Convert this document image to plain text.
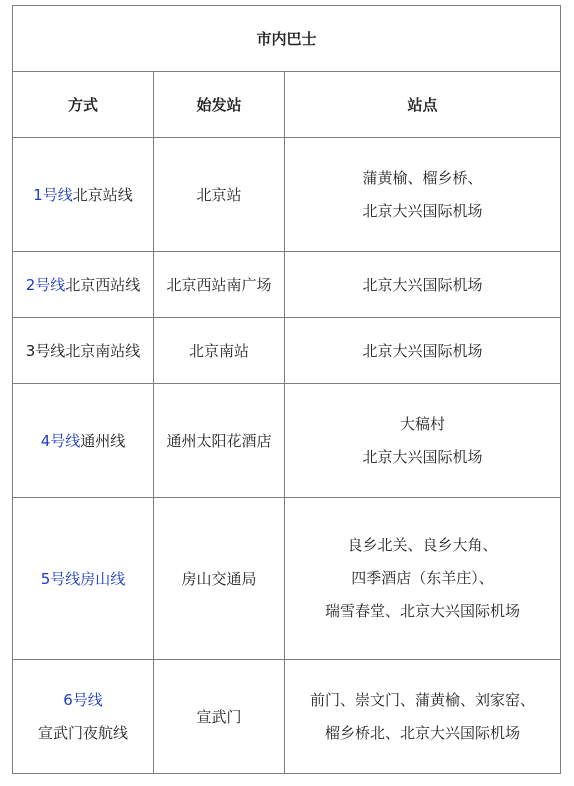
市内巴士		
方式	始发站	站点
1号线北京站线	北京站	蒲黄榆、榴乡桥、
北京大兴国际机场

2号线北京西站线	北京西站南广场	北京大兴国际机场

3号线北京南站线	北京南站	北京大兴国际机场

4号线通州线	通州太阳花酒店	大稿村
北京大兴国际机场

5号线房山线	房山交通局	良乡北关、良乡大角、
四季酒店（东羊庄）、
瑞雪春堂、北京大兴国际机场

6号线
宣武门夜航线	宣武门	前门、崇文门、蒲黄榆、刘家窑、
榴乡桥北、北京大兴国际机场
